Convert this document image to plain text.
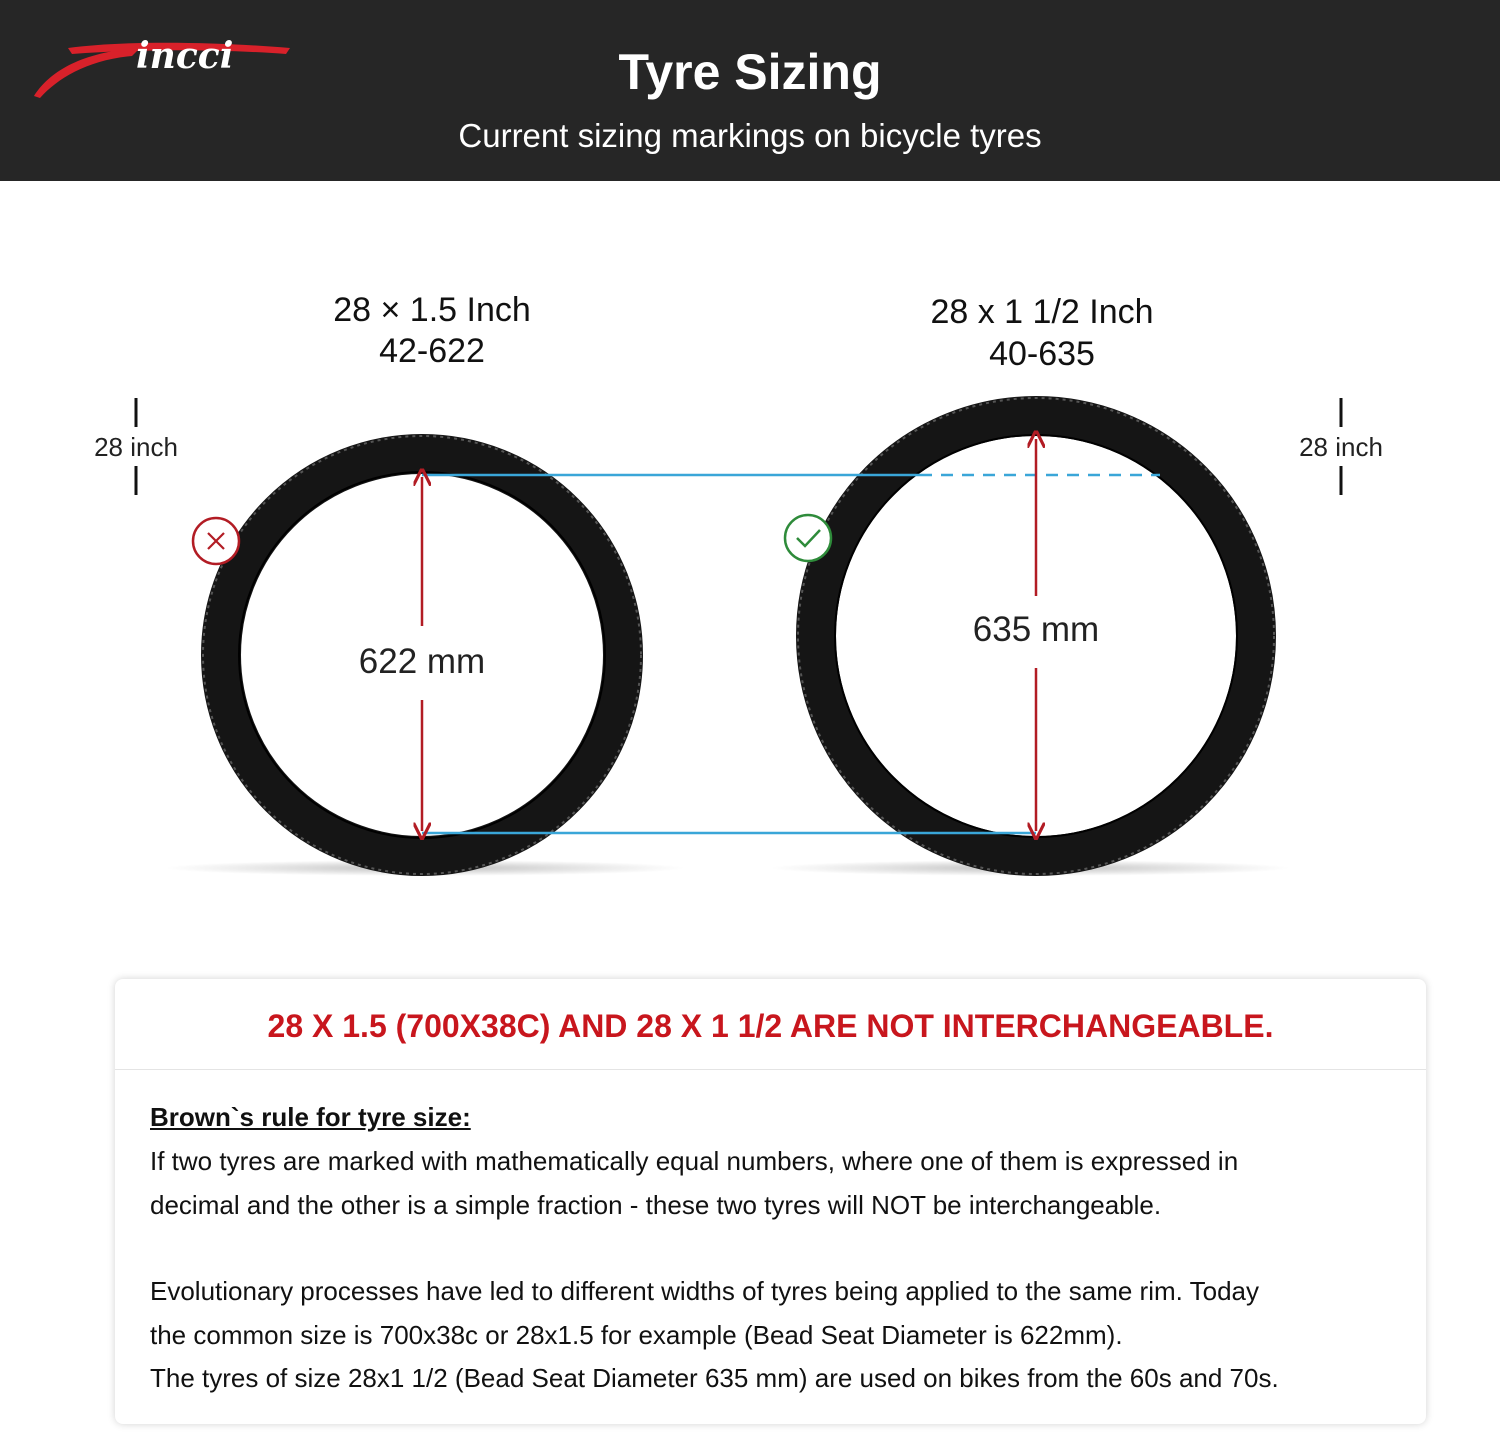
incci	Tyre Sizing
Current sizing markings on bicycle tyres
28 × 1.5 Inch
42-622
28 x 1 1/2 Inch
40-635
28 inch	28 inch
622 mm
635 mm
28 X 1.5 (700X38C) AND 28 X 1 1/2 ARE NOT INTERCHANGEABLE.
Brown`s rule for tyre size:

If two tyres are marked with mathematically equal numbers, where one of them is expressed in
decimal and the other is a simple fraction - these two tyres will NOT be interchangeable.

Evolutionary processes have led to different widths of tyres being applied to the same rim. Today
the common size is 700x38c or 28x1.5 for example (Bead Seat Diameter is 622mm).
The tyres of size 28x1 1/2 (Bead Seat Diameter 635 mm) are used on bikes from the 60s and 70s.
